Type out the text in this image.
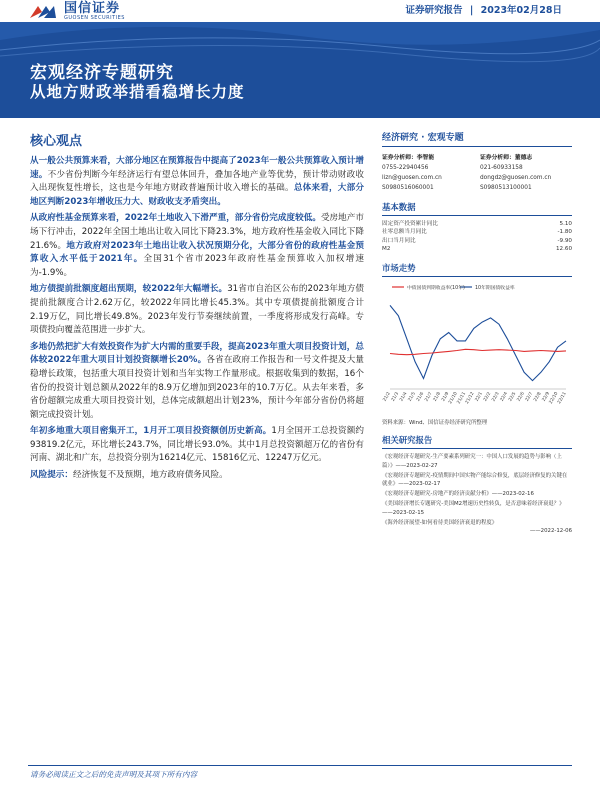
国信证券
GUOSEN SECURITIES
证券研究报告 | 2023年02月28日
宏观经济专题研究
从地方财政举措看稳增长力度
核心观点

从一般公共预算来看，大部分地区在预算报告中提高了2023年一般公共预算收入预计增速。不少省份判断今年经济运行有望总体回升，叠加各地产业等优势，预计带动财政收入出现恢复性增长，这也是今年地方财政普遍预计收入增长的基础。总体来看，大部分地区判断2023年增收压力大、财政收支矛盾突出。

从政府性基金预算来看，2022年土地收入下滑严重，部分省份完成度较低。受房地产市场下行冲击，2022年全国土地出让收入同比下降23.3%，地方政府性基金收入同比下降21.6%。地方政府对2023年土地出让收入状况预期分化，大部分省份的政府性基金预算收入水平低于2021年。全国31个省市2023年政府性基金预算收入加权增速为-1.9%。

地方债提前批额度超出预期，较2022年大幅增长。31省市自治区公布的2023年地方债提前批额度合计2.62万亿，较2022年同比增长45.3%。其中专项债提前批额度合计2.19万亿，同比增长49.8%。2023年发行节奏继续前置，一季度将形成发行高峰。专项债投向覆盖范围进一步扩大。

多地仍然把扩大有效投资作为扩大内需的重要手段，提高2023年重大项目投资计划，总体较2022年重大项目计划投资额增长20%。各省在政府工作报告和一号文件提及大量稳增长政策，包括重大项目投资计划和当年实物工作量形成。根据收集到的数据，16个省份的投资计划总额从2022年的8.9万亿增加到2023年的10.7万亿。从去年来看，多省份超额完成重大项目投资计划，总体完成额超出计划23%，预计今年部分省份仍将超额完成投资计划。

年初多地重大项目密集开工，1月开工项目投资额创历史新高。1月全国开工总投资额约93819.2亿元，环比增长243.7%，同比增长93.0%。其中1月总投资额超万亿的省份有河南、湖北和广东，总投资分别为16214亿元、15816亿元、12247万亿元。

风险提示：经济恢复不及预期，地方政府债务风险。

经济研究 · 宏观专题
证券分析师：李智能
0755-22940456
lizn@guosen.com.cn
S0980516060001
证券分析师：董德志
021-60933158
dongdz@guosen.com.cn
S0980513100001
基本数据
固定资产投资累计同比	5.10
社零总额当月同比	-1.80
出口当月同比	-9.90
M2	12.60
市场走势
10年期国债收益率
中债国债到期收益率(10年)
21/2 21/3 21/4 21/5 21/6 21/7 21/8 21/9
21/10
21/11
21/12 22/1 22/2 22/3 22/4 22/5 22/6 22/7 22/8 22/9
22/10
22/11
资料来源：Wind、国信证券经济研究所整理
相关研究报告
《宏观经济专题研究-生产要素系列研究一：中国人口发展的趋势与影响（上篇）》——2023-02-27
《宏观经济专题研究-疫情期间中国实物产能综合修复，底层经济修复的关键在就业》——2023-02-17
《宏观经济专题研究-房地产的经济贡献分析》——2023-02-16
《美国经济增长专题研究-美国M2增速历史性转负，是否意味着经济衰退？》——2023-02-15
《海外经济展望-如何看待美国经济衰退的程度》
——2022-12-06
请务必阅读正文之后的免责声明及其项下所有内容
